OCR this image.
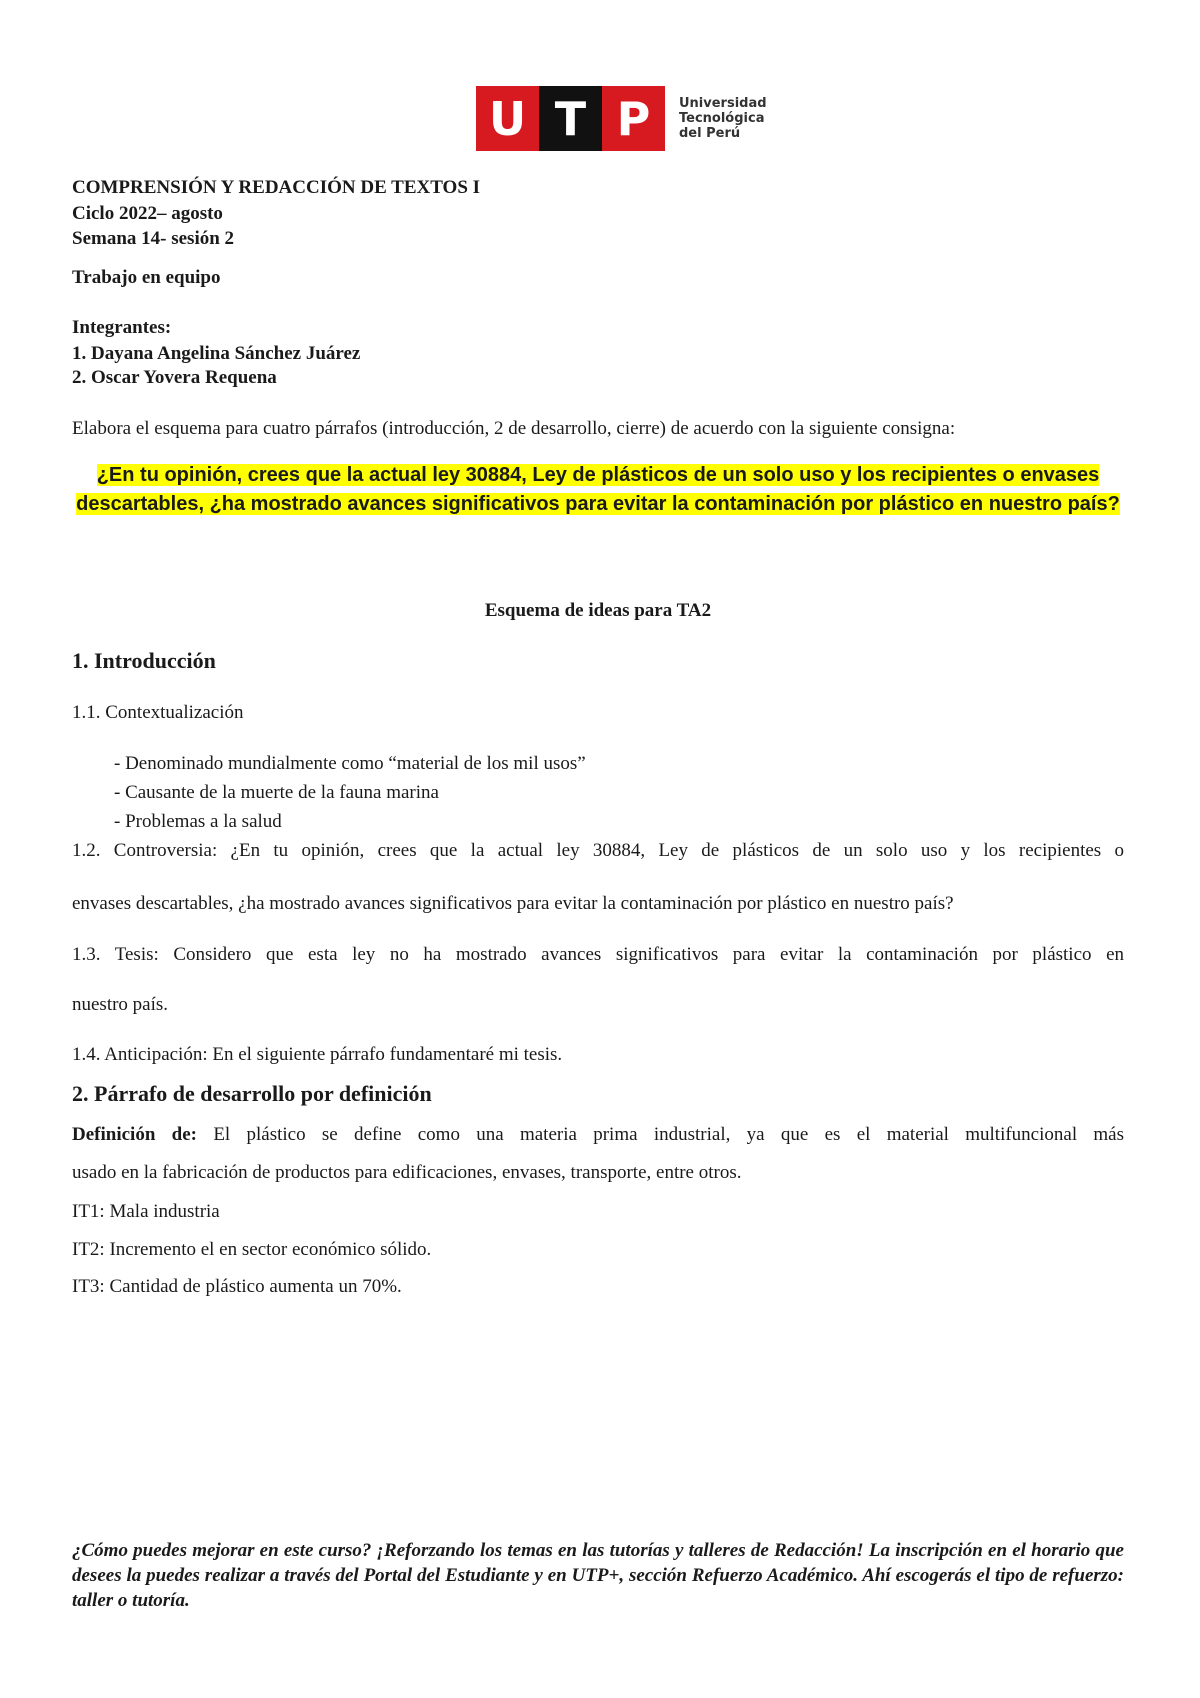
U T P	Universidad
Tecnológica
del Perú
COMPRENSIÓN Y REDACCIÓN DE TEXTOS I
Ciclo 2022– agosto
Semana 14- sesión 2
Trabajo en equipo
Integrantes:
1. Dayana Angelina Sánchez Juárez
2. Oscar Yovera Requena
Elabora el esquema para cuatro párrafos (introducción, 2 de desarrollo, cierre) de acuerdo con la siguiente consigna:
¿En tu opinión, crees que la actual ley 30884, Ley de plásticos de un solo uso y los recipientes o envases descartables, ¿ha mostrado avances significativos para evitar la contaminación por plástico en nuestro país?
Esquema de ideas para TA2
1. Introducción
1.1. Contextualización
- Denominado mundialmente como “material de los mil usos”
- Causante de la muerte de la fauna marina
- Problemas a la salud
1.2. Controversia: ¿En tu opinión, crees que la actual ley 30884, Ley de plásticos de un solo uso y los recipientes o
envases descartables, ¿ha mostrado avances significativos para evitar la contaminación por plástico en nuestro país?
1.3. Tesis: Considero que esta ley no ha mostrado avances significativos para evitar la contaminación por plástico en
nuestro país.
1.4. Anticipación: En el siguiente párrafo fundamentaré mi tesis.
2. Párrafo de desarrollo por definición
Definición de: El plástico se define como una materia prima industrial, ya que es el material multifuncional más
usado en la fabricación de productos para edificaciones, envases, transporte, entre otros.
IT1: Mala industria
IT2: Incremento el en sector económico sólido.
IT3: Cantidad de plástico aumenta un 70%.
¿Cómo puedes mejorar en este curso? ¡Reforzando los temas en las tutorías y talleres de Redacción! La inscripción en el horario que desees la puedes realizar a través del Portal del Estudiante y en UTP+, sección Refuerzo Académico. Ahí escogerás el tipo de refuerzo: taller o tutoría.
